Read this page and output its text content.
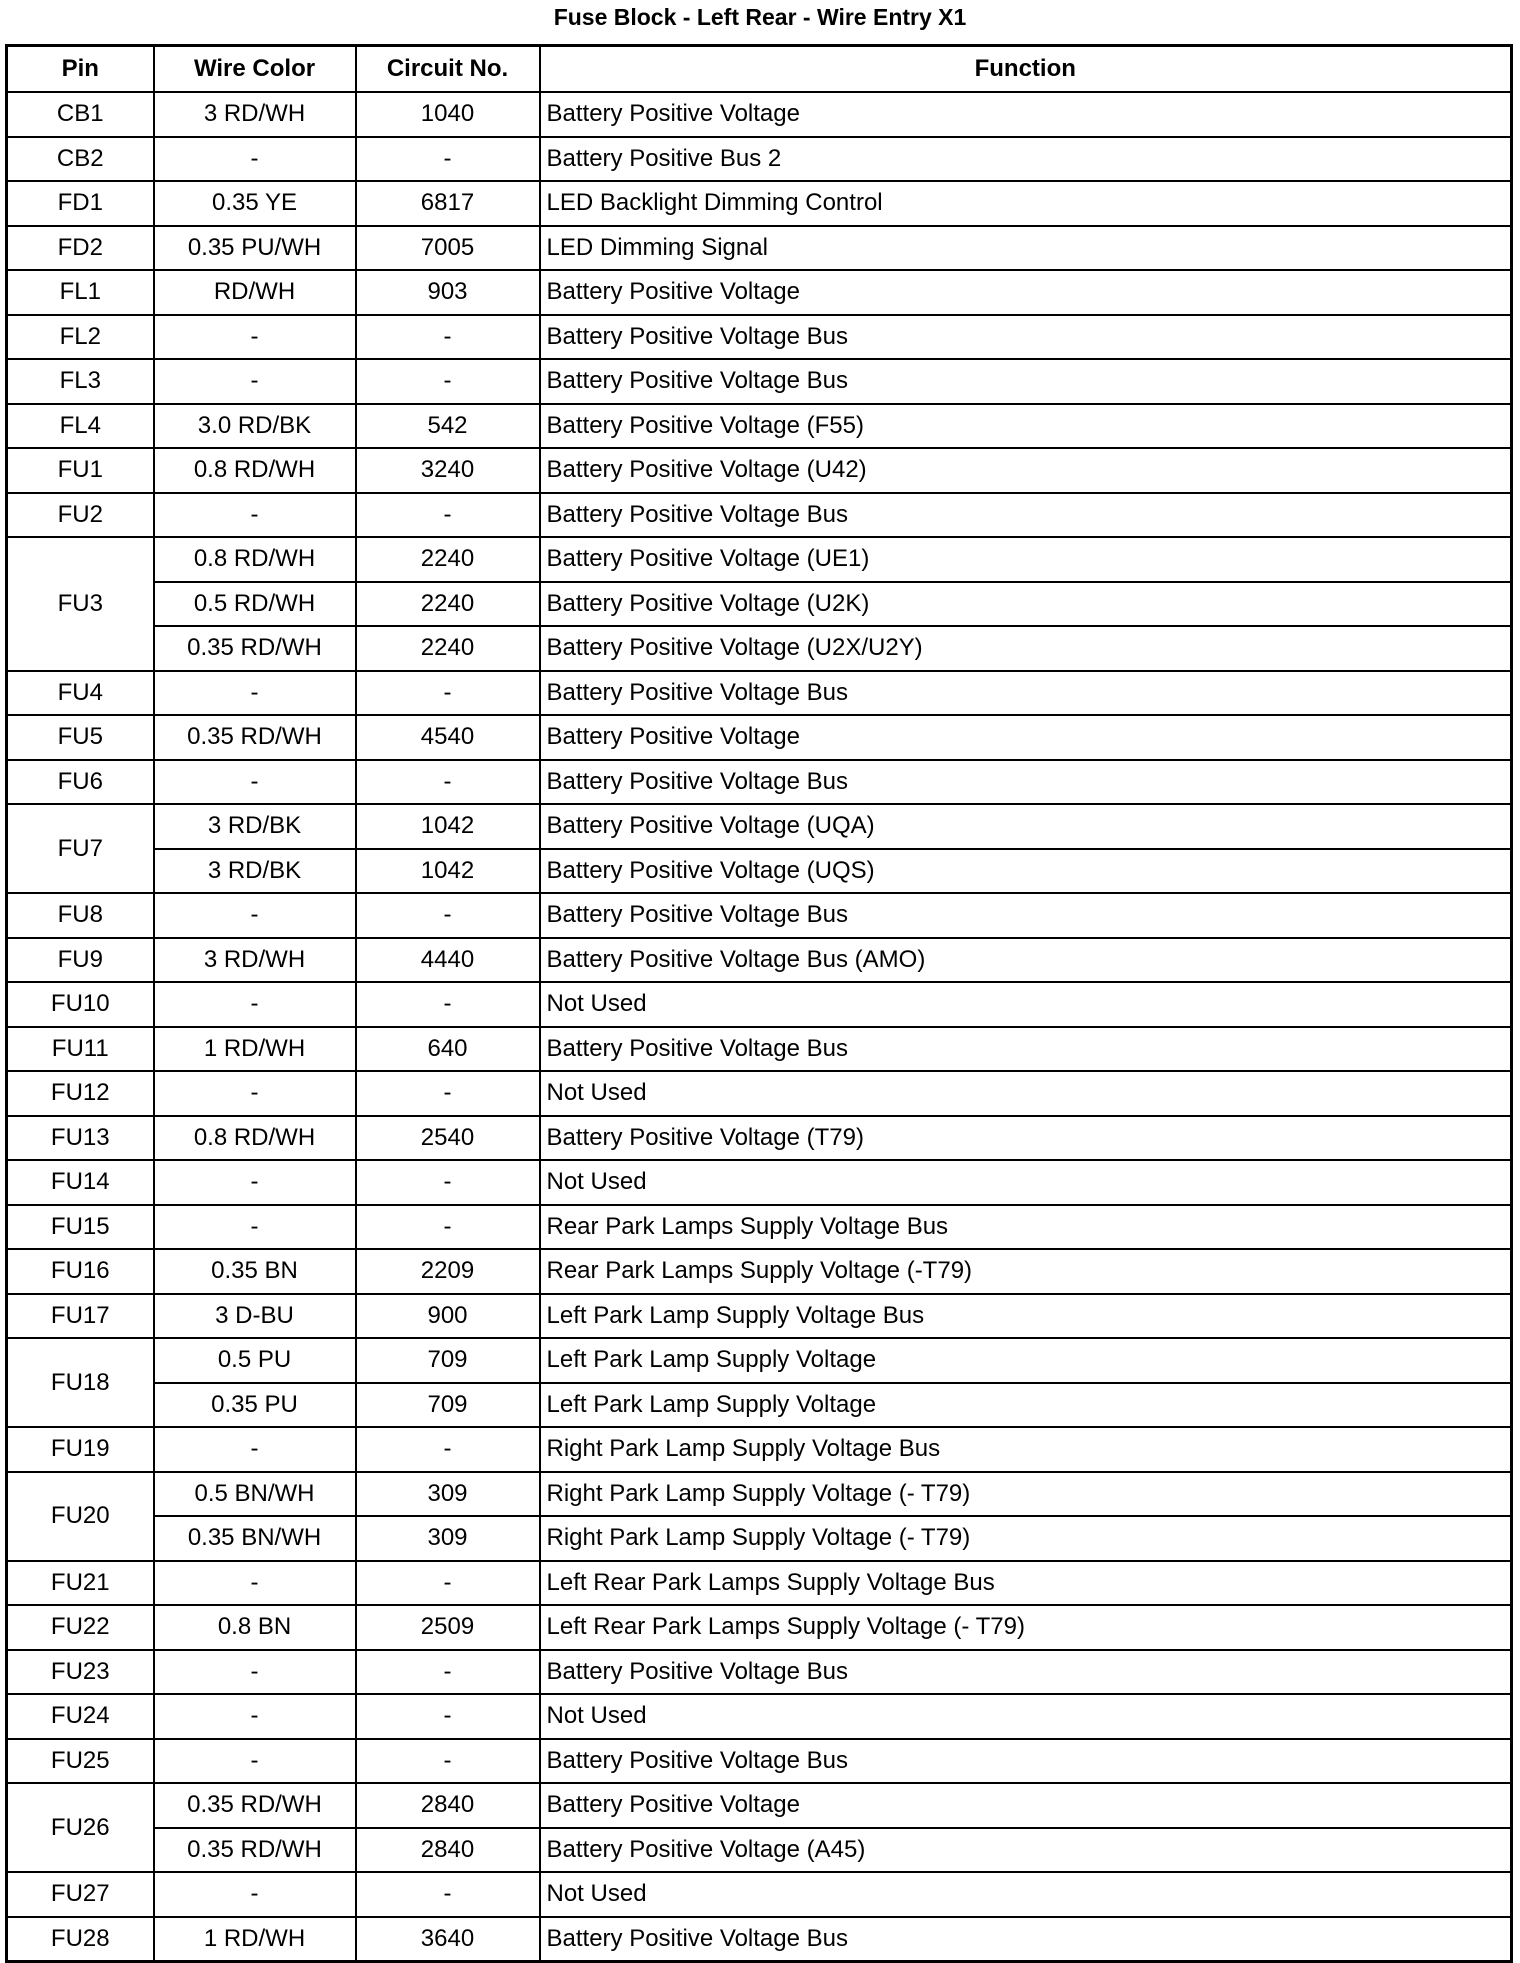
Fuse Block - Left Rear - Wire Entry X1
Pin	Wire Color	Circuit No.	Function
CB1	3 RD/WH	1040	Battery Positive Voltage
CB2	-	-	Battery Positive Bus 2
FD1	0.35 YE	6817	LED Backlight Dimming Control
FD2	0.35 PU/WH	7005	LED Dimming Signal
FL1	RD/WH	903	Battery Positive Voltage
FL2	-	-	Battery Positive Voltage Bus
FL3	-	-	Battery Positive Voltage Bus
FL4	3.0 RD/BK	542	Battery Positive Voltage (F55)
FU1	0.8 RD/WH	3240	Battery Positive Voltage (U42)
FU2	-	-	Battery Positive Voltage Bus
FU3	0.8 RD/WH	2240	Battery Positive Voltage (UE1)
	0.5 RD/WH	2240	Battery Positive Voltage (U2K)
	0.35 RD/WH	2240	Battery Positive Voltage (U2X/U2Y)
FU4	-	-	Battery Positive Voltage Bus
FU5	0.35 RD/WH	4540	Battery Positive Voltage
FU6	-	-	Battery Positive Voltage Bus
FU7	3 RD/BK	1042	Battery Positive Voltage (UQA)
	3 RD/BK	1042	Battery Positive Voltage (UQS)
FU8	-	-	Battery Positive Voltage Bus
FU9	3 RD/WH	4440	Battery Positive Voltage Bus (AMO)
FU10	-	-	Not Used
FU11	1 RD/WH	640	Battery Positive Voltage Bus
FU12	-	-	Not Used
FU13	0.8 RD/WH	2540	Battery Positive Voltage (T79)
FU14	-	-	Not Used
FU15	-	-	Rear Park Lamps Supply Voltage Bus
FU16	0.35 BN	2209	Rear Park Lamps Supply Voltage (-T79)
FU17	3 D-BU	900	Left Park Lamp Supply Voltage Bus
FU18	0.5 PU	709	Left Park Lamp Supply Voltage
	0.35 PU	709	Left Park Lamp Supply Voltage
FU19	-	-	Right Park Lamp Supply Voltage Bus
FU20	0.5 BN/WH	309	Right Park Lamp Supply Voltage (- T79)
	0.35 BN/WH	309	Right Park Lamp Supply Voltage (- T79)
FU21	-	-	Left Rear Park Lamps Supply Voltage Bus
FU22	0.8 BN	2509	Left Rear Park Lamps Supply Voltage (- T79)
FU23	-	-	Battery Positive Voltage Bus
FU24	-	-	Not Used
FU25	-	-	Battery Positive Voltage Bus
FU26	0.35 RD/WH	2840	Battery Positive Voltage
	0.35 RD/WH	2840	Battery Positive Voltage (A45)
FU27	-	-	Not Used
FU28	1 RD/WH	3640	Battery Positive Voltage Bus
